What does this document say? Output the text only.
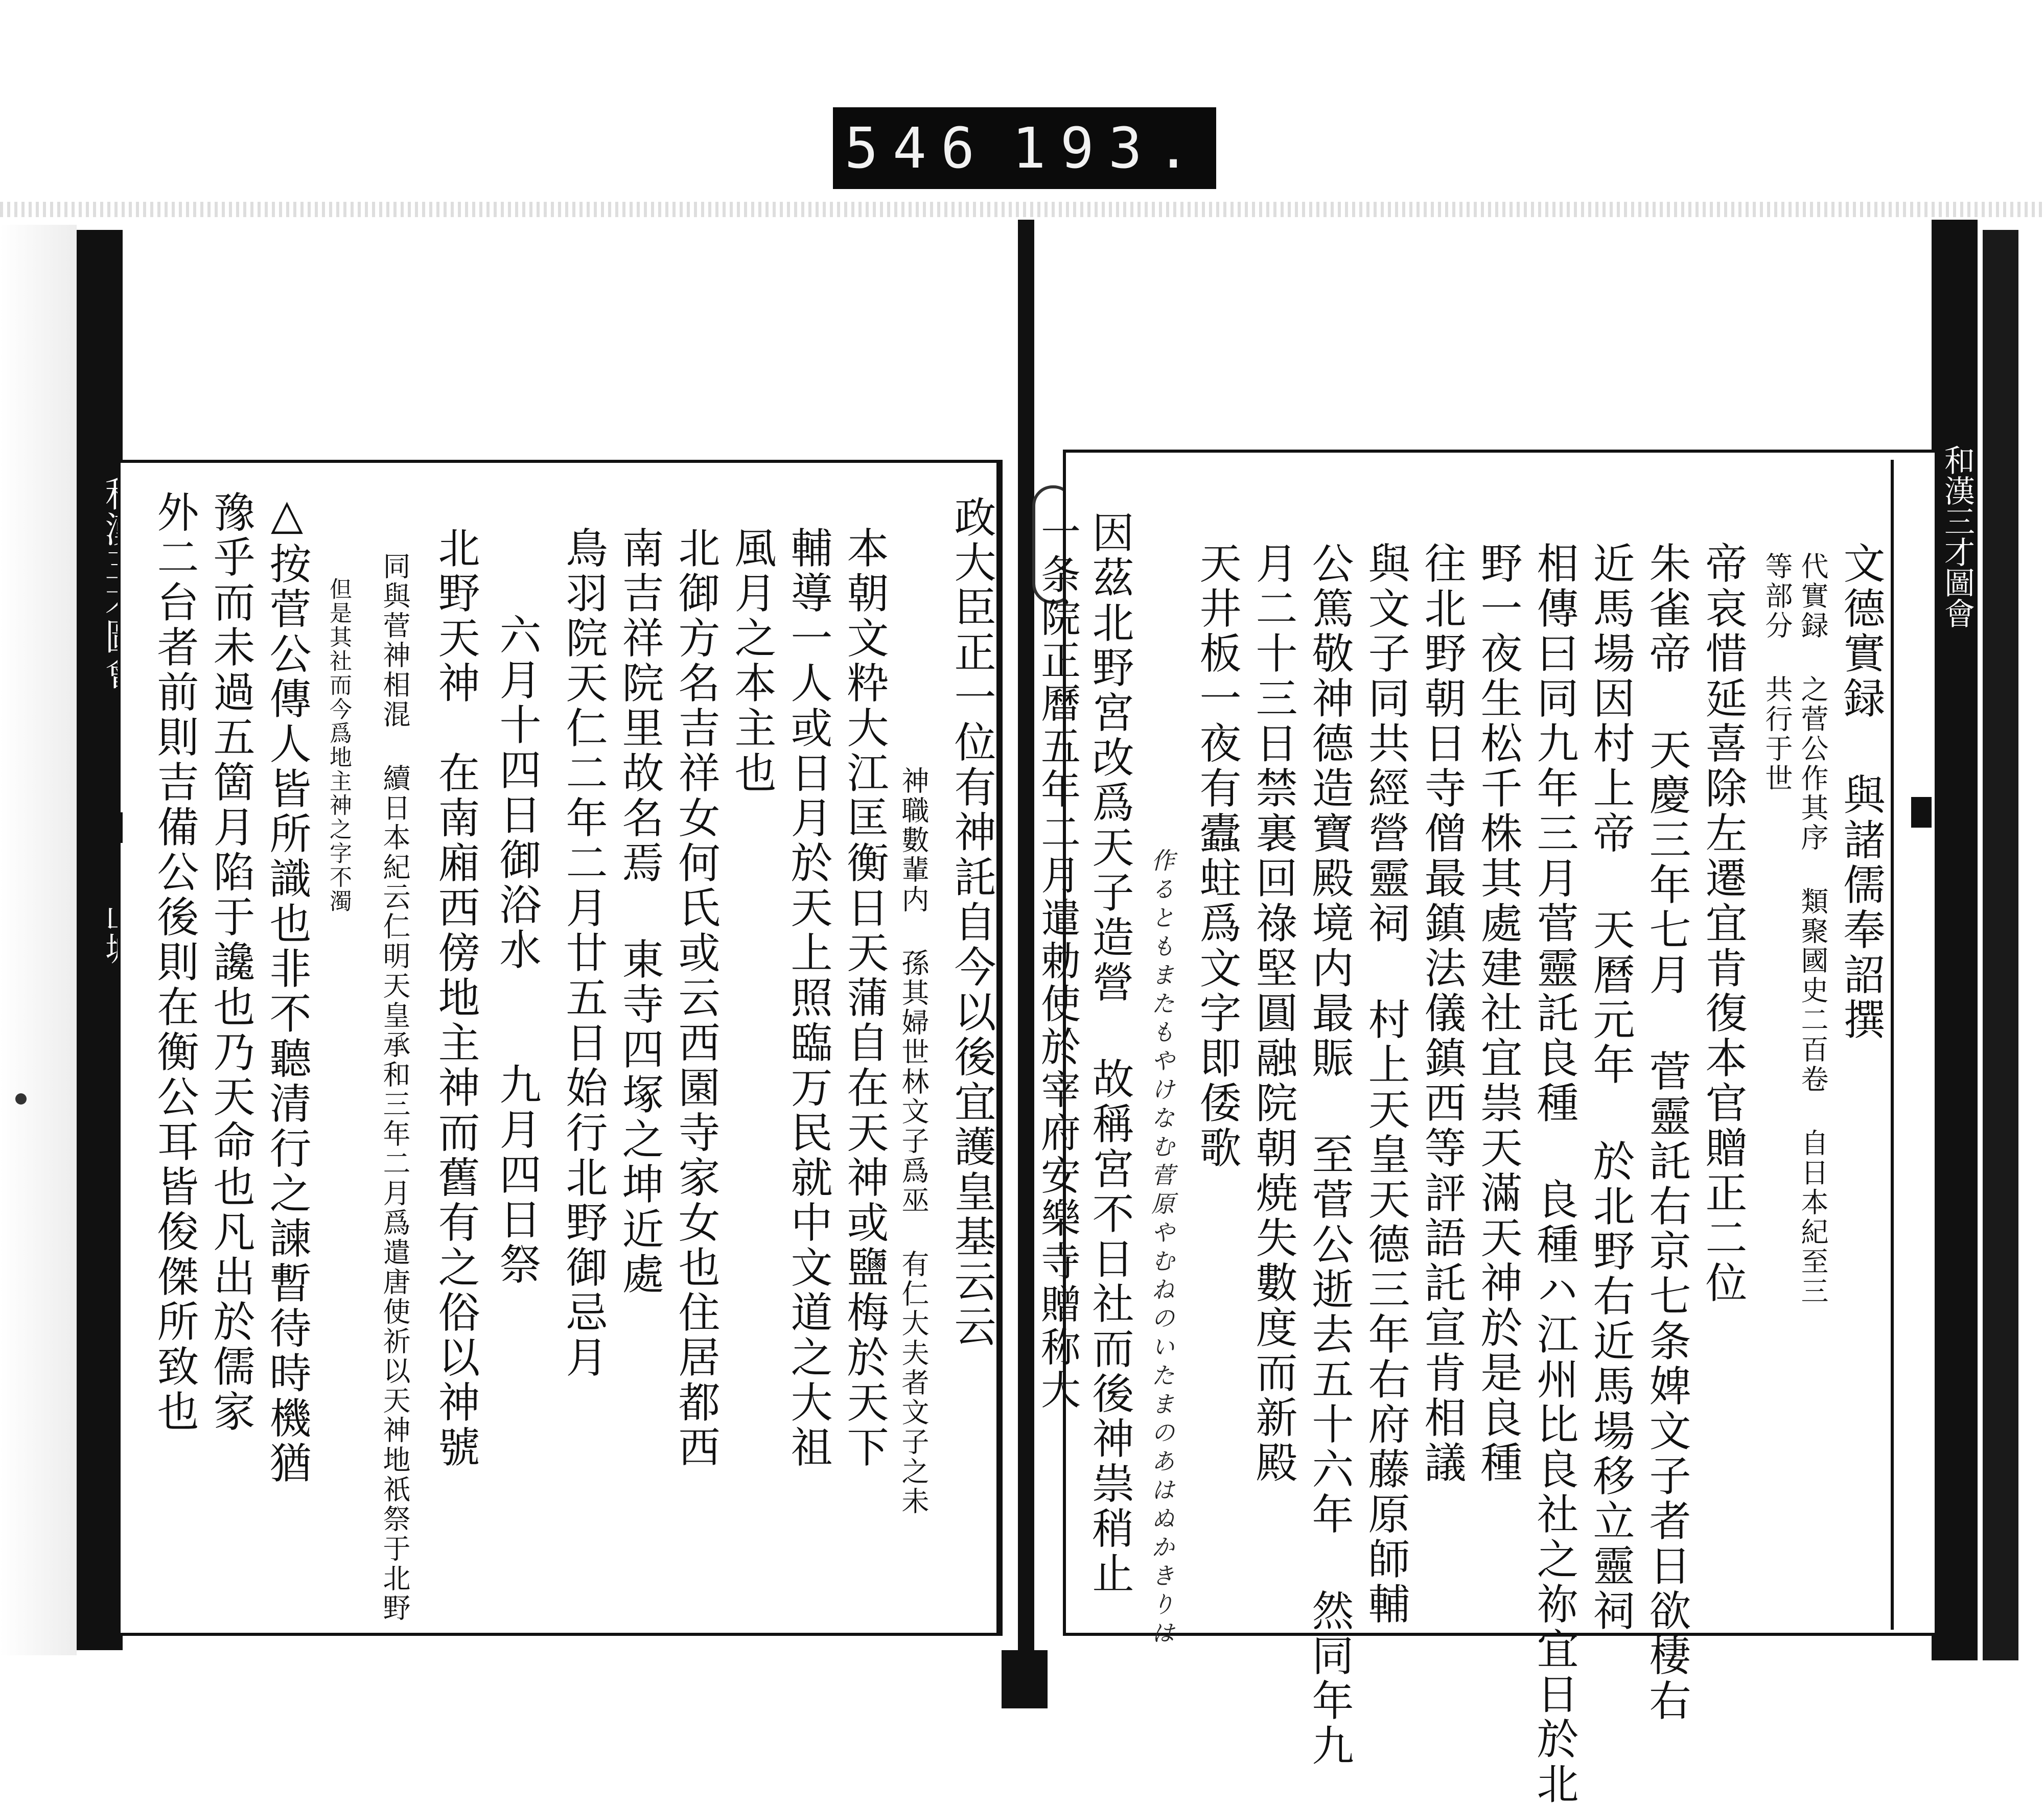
546 193.
和漢三才圖會
政大臣正一位有神託自今以後宜護皇基云云
神職數輩内 孫其婦世林文子爲巫 有仁大夫者文子之未
本朝文粋大江匡衡日天蒲自在天神或鹽梅於天下
輔導一人或日月於天上照臨万民就中文道之大祖
風月之本主也
北御方名吉祥女何氏或云西園寺家女也住居都西
南吉祥院里故名焉 東寺四塚之坤近處
鳥羽院天仁二年二月廿五日始行北野御忌月
六月十四日御浴水　　九月四日祭
北野天神　在南廂西傍地主神而舊有之俗以神號
同與菅神相混 續日本紀云仁明天皇承和三年二月爲遣唐使祈以天神地祇祭于北野
但是其社而今爲地主神之字不濁
△按菅公傳人皆所識也非不聽清行之諫暫待時機猶
豫乎而未過五箇月陷于讒也乃天命也凡出於儒家
外二台者前則吉備公後則在衡公耳皆俊傑所致也	文德實録 與諸儒奉詔撰
代實録 之菅公作其序 類聚國史二百卷 自日本紀至三
等部分 共行于世
帝哀惜延喜除左遷宜肯復本官贈正二位
朱雀帝 天慶三年七月 菅靈託右京七条婢文子者日欲棲右
近馬場因村上帝 天曆元年 於北野右近馬場移立靈祠
相傳曰同九年三月菅靈託良種 良種ハ江州比良社之祢宜日於北
野一夜生松千株其處建社宜祟天滿天神於是良種
往北野朝日寺僧最鎮法儀鎮西等評語託宣肯相議
與文子同共經營靈祠 村上天皇天德三年右府藤原師輔
公篤敬神德造寶殿境内最賑 至菅公逝去五十六年 然同年九
月二十三日禁裏回祿堅圓融院朝焼失數度而新殿
天井板一夜有蠹蛀爲文字即倭歌
作るともまたもやけなむ菅原やむねのいたまのあはぬかきりは
因茲北野宮改爲天子造營 故稱宮不日社而後神祟稍止
一条院正曆五年二月遣勅使於宰府安樂寺贈称大
